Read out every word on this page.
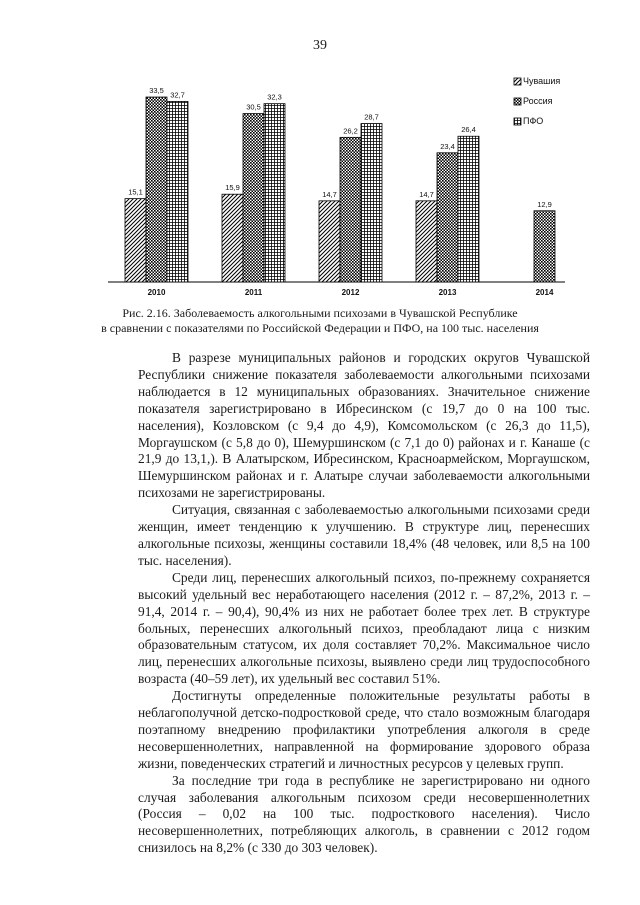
39
15,1
33,5 32,7
15,9
30,5
32,3
14,7
26,2
28,7
14,7
23,4
26,4
12,9
2010	2011	2012	2013	2014
Чувашия
Россия
ПФО
Рис. 2.16. Заболеваемость алкогольными психозами в Чувашской Республике
в сравнении с показателями по Российской Федерации и ПФО, на 100 тыс. населения

В разрезе муниципальных районов и городских округов Чувашской Республики снижение показателя заболеваемости алкогольными психозами наблюдается в 12 муниципальных образованиях. Значительное снижение показателя зарегистрировано в Ибресинском (с 19,7 до 0 на 100 тыс. населения), Козловском (с 9,4 до 4,9), Комсомольском (с 26,3 до 11,5), Моргаушском (с 5,8 до 0), Шемуршинском (с 7,1 до 0) районах и г. Канаше (с 21,9 до 13,1,). В Алатырском, Ибресинском, Красноармейском, Моргаушском, Шемуршинском районах и г. Алатыре случаи заболеваемости алкогольными психозами не зарегистрированы.

Ситуация, связанная с заболеваемостью алкогольными психозами среди женщин, имеет тенденцию к улучшению. В структуре лиц, перенесших алкогольные психозы, женщины составили 18,4% (48 человек, или 8,5 на 100 тыс. населения).

Среди лиц, перенесших алкогольный психоз, по-прежнему сохраняется высокий удельный вес неработающего населения (2012 г. – 87,2%, 2013 г. – 91,4, 2014 г. – 90,4), 90,4% из них не работает более трех лет. В структуре больных, перенесших алкогольный психоз, преобладают лица с низким образовательным статусом, их доля составляет 70,2%. Максимальное число лиц, перенесших алкогольные психозы, выявлено среди лиц трудоспособного возраста (40–59 лет), их удельный вес составил 51%.

Достигнуты определенные положительные результаты работы в неблагополучной детско-подростковой среде, что стало возможным благодаря поэтапному внедрению профилактики употребления алкоголя в среде несовершеннолетних, направленной на формирование здорового образа жизни, поведенческих стратегий и личностных ресурсов у целевых групп.

За последние три года в республике не зарегистрировано ни одного случая заболевания алкогольным психозом среди несовершеннолетних (Россия – 0,02 на 100 тыс. подросткового населения). Число несовершеннолетних, потребляющих алкоголь, в сравнении с 2012 годом снизилось на 8,2% (с 330 до 303 человек).
